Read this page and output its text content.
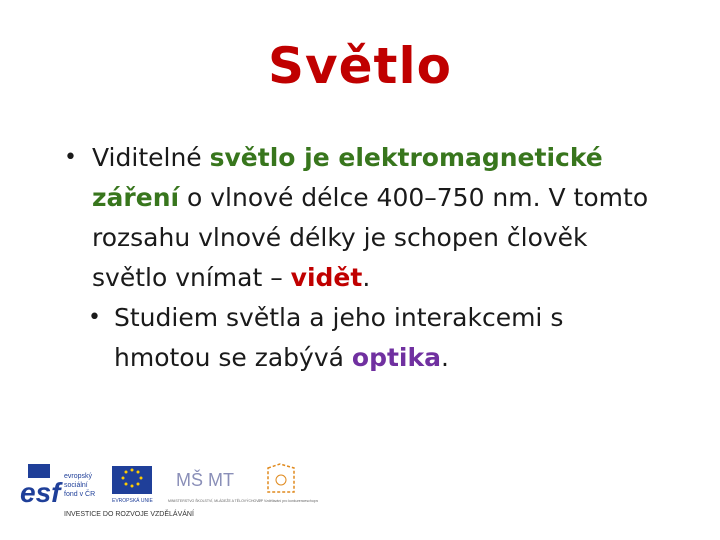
Světlo
• Viditelné světlo je elektromagnetické záření o vlnové délce 400–750 nm. V tomto rozsahu vlnové délky je schopen člověk světlo vnímat – vidět.
• Studiem světla a jeho interakcemi s hmotou se zabývá optika.
esf
evropský
sociální
fond v ČR
EVROPSKÁ UNIE
MŠ MT
MINISTERSTVO ŠKOLSTVÍ, MLÁDEŽE A TĚLOVÝCHOVY
OP Vzdělávání pro konkurenceschopnost
INVESTICE DO ROZVOJE VZDĚLÁVÁNÍ
